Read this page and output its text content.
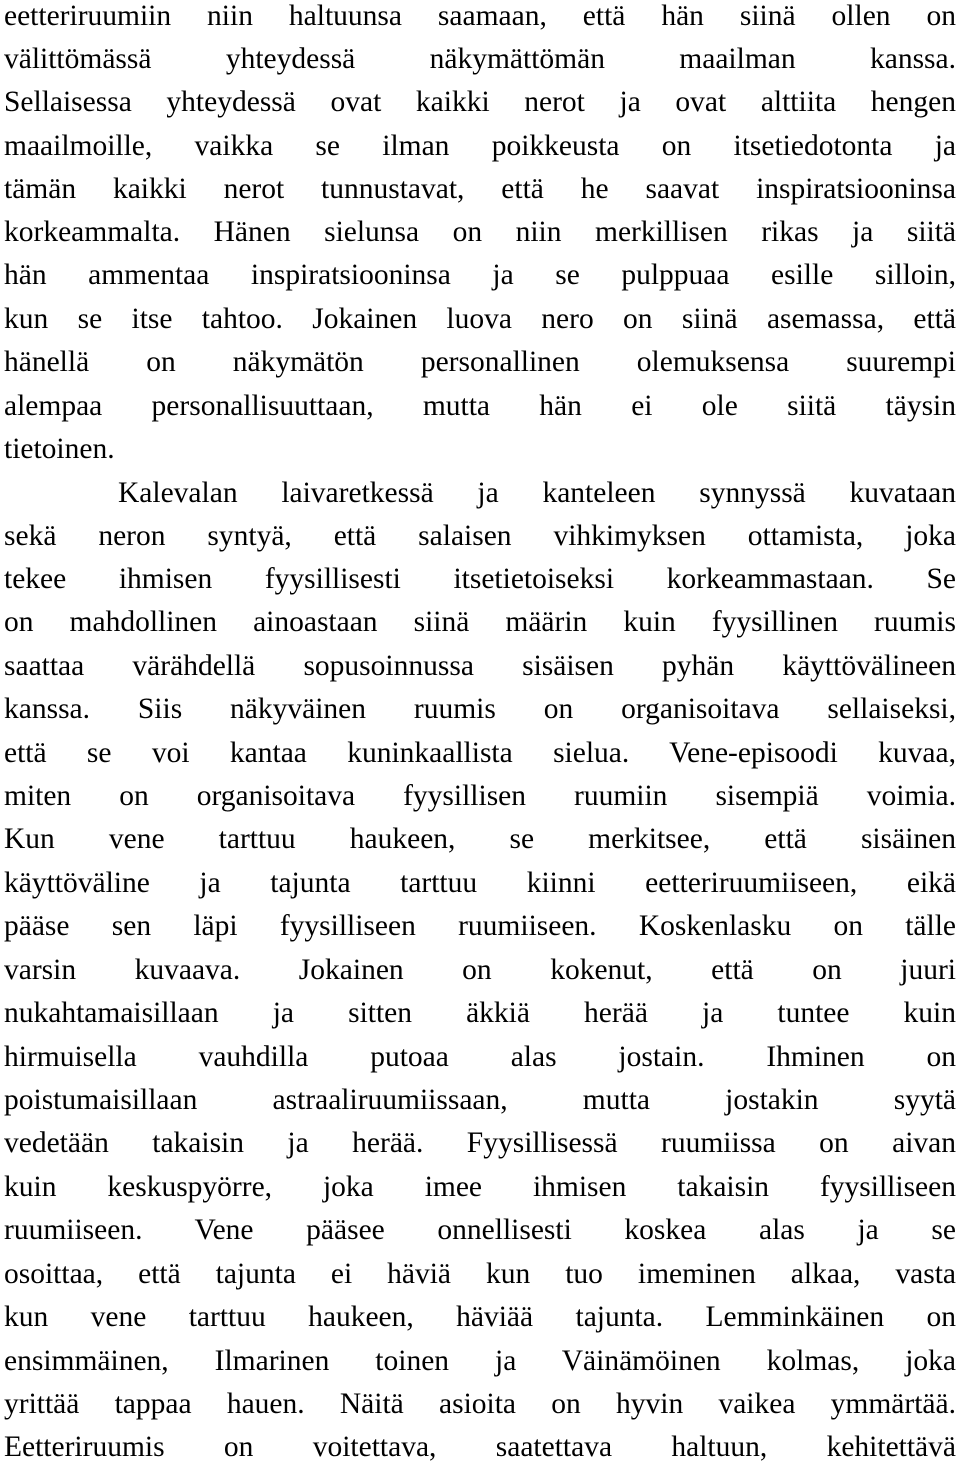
eetteriruumiin niin haltuunsa saamaan, että hän siinä ollen on
välittömässä yhteydessä näkymättömän maailman kanssa.
Sellaisessa yhteydessä ovat kaikki nerot ja ovat alttiita hengen
maailmoille, vaikka se ilman poikkeusta on itsetiedotonta ja
tämän kaikki nerot tunnustavat, että he saavat inspiratsiooninsa
korkeammalta. Hänen sielunsa on niin merkillisen rikas ja siitä
hän ammentaa inspiratsiooninsa ja se pulppuaa esille silloin,
kun se itse tahtoo. Jokainen luova nero on siinä asemassa, että
hänellä on näkymätön personallinen olemuksensa suurempi
alempaa personallisuuttaan, mutta hän ei ole siitä täysin
tietoinen.
Kalevalan laivaretkessä ja kanteleen synnyssä kuvataan
sekä neron syntyä, että salaisen vihkimyksen ottamista, joka
tekee ihmisen fyysillisesti itsetietoiseksi korkeammastaan. Se
on mahdollinen ainoastaan siinä määrin kuin fyysillinen ruumis
saattaa värähdellä sopusoinnussa sisäisen pyhän käyttövälineen
kanssa. Siis näkyväinen ruumis on organisoitava sellaiseksi,
että se voi kantaa kuninkaallista sielua. Vene-episoodi kuvaa,
miten on organisoitava fyysillisen ruumiin sisempiä voimia.
Kun vene tarttuu haukeen, se merkitsee, että sisäinen
käyttöväline ja tajunta tarttuu kiinni eetteriruumiiseen, eikä
pääse sen läpi fyysilliseen ruumiiseen. Koskenlasku on tälle
varsin kuvaava. Jokainen on kokenut, että on juuri
nukahtamaisillaan ja sitten äkkiä herää ja tuntee kuin
hirmuisella vauhdilla putoaa alas jostain. Ihminen on
poistumaisillaan astraaliruumiissaan, mutta jostakin syytä
vedetään takaisin ja herää. Fyysillisessä ruumiissa on aivan
kuin keskuspyörre, joka imee ihmisen takaisin fyysilliseen
ruumiiseen. Vene pääsee onnellisesti koskea alas ja se
osoittaa, että tajunta ei häviä kun tuo imeminen alkaa, vasta
kun vene tarttuu haukeen, häviää tajunta. Lemminkäinen on
ensimmäinen, Ilmarinen toinen ja Väinämöinen kolmas, joka
yrittää tappaa hauen. Näitä asioita on hyvin vaikea ymmärtää.
Eetteriruumis on voitettava, saatettava haltuun, kehitettävä
